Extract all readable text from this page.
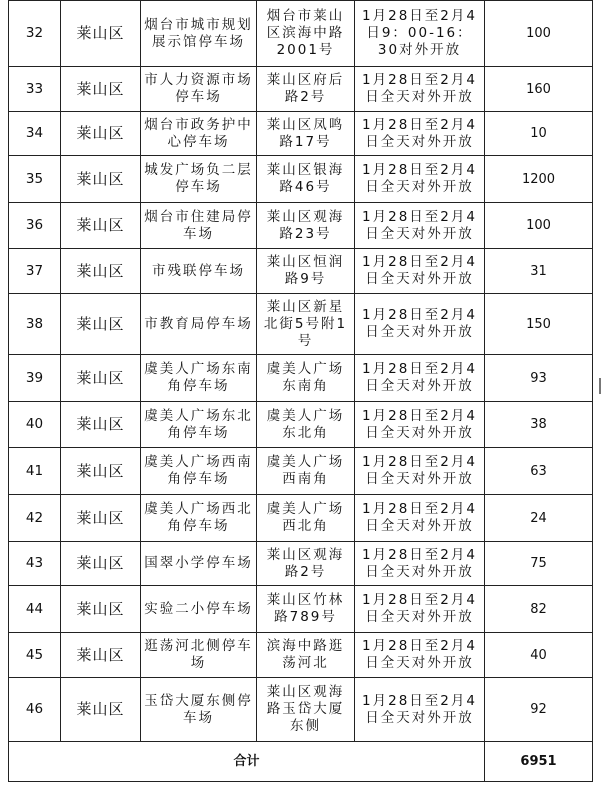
32	莱山区	烟台市城市规划展示馆停车场	烟台市莱山区滨海中路2001号	1月28日至2月4日9：00-16：30对外开放	100
33	莱山区	市人力资源市场停车场	莱山区府后路2号	1月28日至2月4日全天对外开放	160
34	莱山区	烟台市政务护中心停车场	莱山区凤鸣路17号	1月28日至2月4日全天对外开放	10
35	莱山区	城发广场负二层停车场	莱山区银海路46号	1月28日至2月4日全天对外开放	1200
36	莱山区	烟台市住建局停车场	莱山区观海路23号	1月28日至2月4日全天对外开放	100
37	莱山区	市残联停车场	莱山区恒润路9号	1月28日至2月4日全天对外开放	31
38	莱山区	市教育局停车场	莱山区新星北街5号附1号	1月28日至2月4日全天对外开放	150
39	莱山区	虞美人广场东南角停车场	虞美人广场东南角	1月28日至2月4日全天对外开放	93
40	莱山区	虞美人广场东北角停车场	虞美人广场东北角	1月28日至2月4日全天对外开放	38
41	莱山区	虞美人广场西南角停车场	虞美人广场西南角	1月28日至2月4日全天对外开放	63
42	莱山区	虞美人广场西北角停车场	虞美人广场西北角	1月28日至2月4日全天对外开放	24
43	莱山区	国翠小学停车场	莱山区观海路2号	1月28日至2月4日全天对外开放	75
44	莱山区	实验二小停车场	莱山区竹林路789号	1月28日至2月4日全天对外开放	82
45	莱山区	逛荡河北侧停车场	滨海中路逛荡河北	1月28日至2月4日全天对外开放	40
46	莱山区	玉岱大厦东侧停车场	莱山区观海路玉岱大厦东侧	1月28日至2月4日全天对外开放	92
合计					6951
